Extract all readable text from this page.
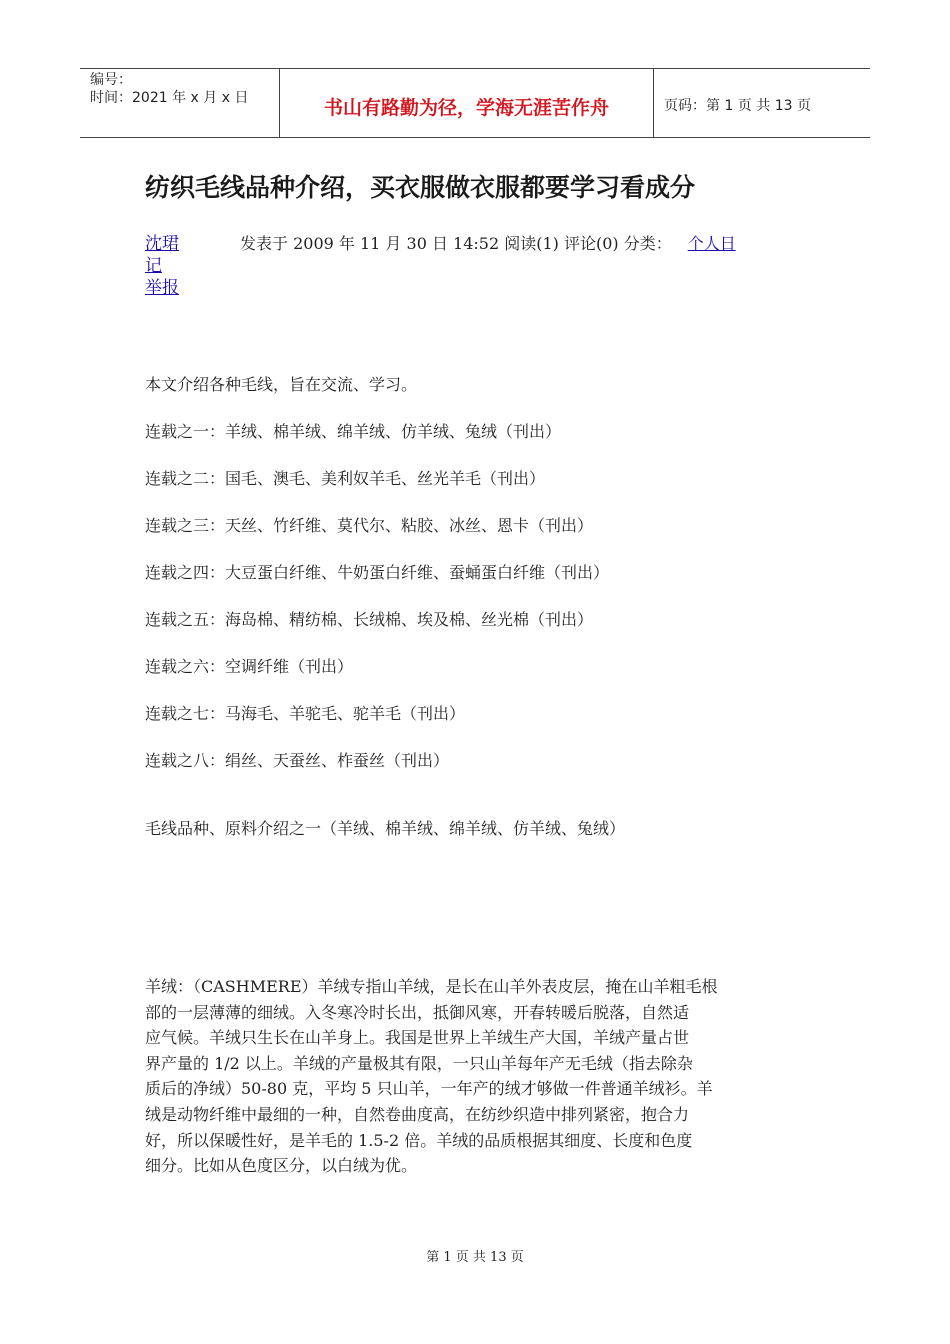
编号：
时间：2021 年 x 月 x 日	书山有路勤为径，学海无涯苦作舟	页码：第 1 页 共 13 页
纺织毛线品种介绍，买衣服做衣服都要学习看成分
沈珺
记
举报
发表于 2009 年 11 月 30 日 14:52 阅读(1) 评论(0) 分类： 个人日

本文介绍各种毛线，旨在交流、学习。

连载之一：羊绒、棉羊绒、绵羊绒、仿羊绒、兔绒（刊出）

连载之二：国毛、澳毛、美利奴羊毛、丝光羊毛（刊出）

连载之三：天丝、竹纤维、莫代尔、粘胶、冰丝、恩卡（刊出）

连载之四：大豆蛋白纤维、牛奶蛋白纤维、蚕蛹蛋白纤维（刊出）

连载之五：海岛棉、精纺棉、长绒棉、埃及棉、丝光棉（刊出）

连载之六：空调纤维（刊出）

连载之七：马海毛、羊驼毛、驼羊毛（刊出）

连载之八：绢丝、天蚕丝、柞蚕丝（刊出）

毛线品种、原料介绍之一（羊绒、棉羊绒、绵羊绒、仿羊绒、兔绒）

羊绒：（CASHMERE）羊绒专指山羊绒，是长在山羊外表皮层，掩在山羊粗毛根
部的一层薄薄的细绒。入冬寒冷时长出，抵御风寒，开春转暖后脱落，自然适
应气候。羊绒只生长在山羊身上。我国是世界上羊绒生产大国，羊绒产量占世
界产量的 1/2 以上。羊绒的产量极其有限，一只山羊每年产无毛绒（指去除杂
质后的净绒）50-80 克，平均 5 只山羊，一年产的绒才够做一件普通羊绒衫。羊
绒是动物纤维中最细的一种，自然卷曲度高，在纺纱织造中排列紧密，抱合力
好，所以保暖性好，是羊毛的 1.5-2 倍。羊绒的品质根据其细度、长度和色度
细分。比如从色度区分，以白绒为优。
第 1 页 共 13 页
